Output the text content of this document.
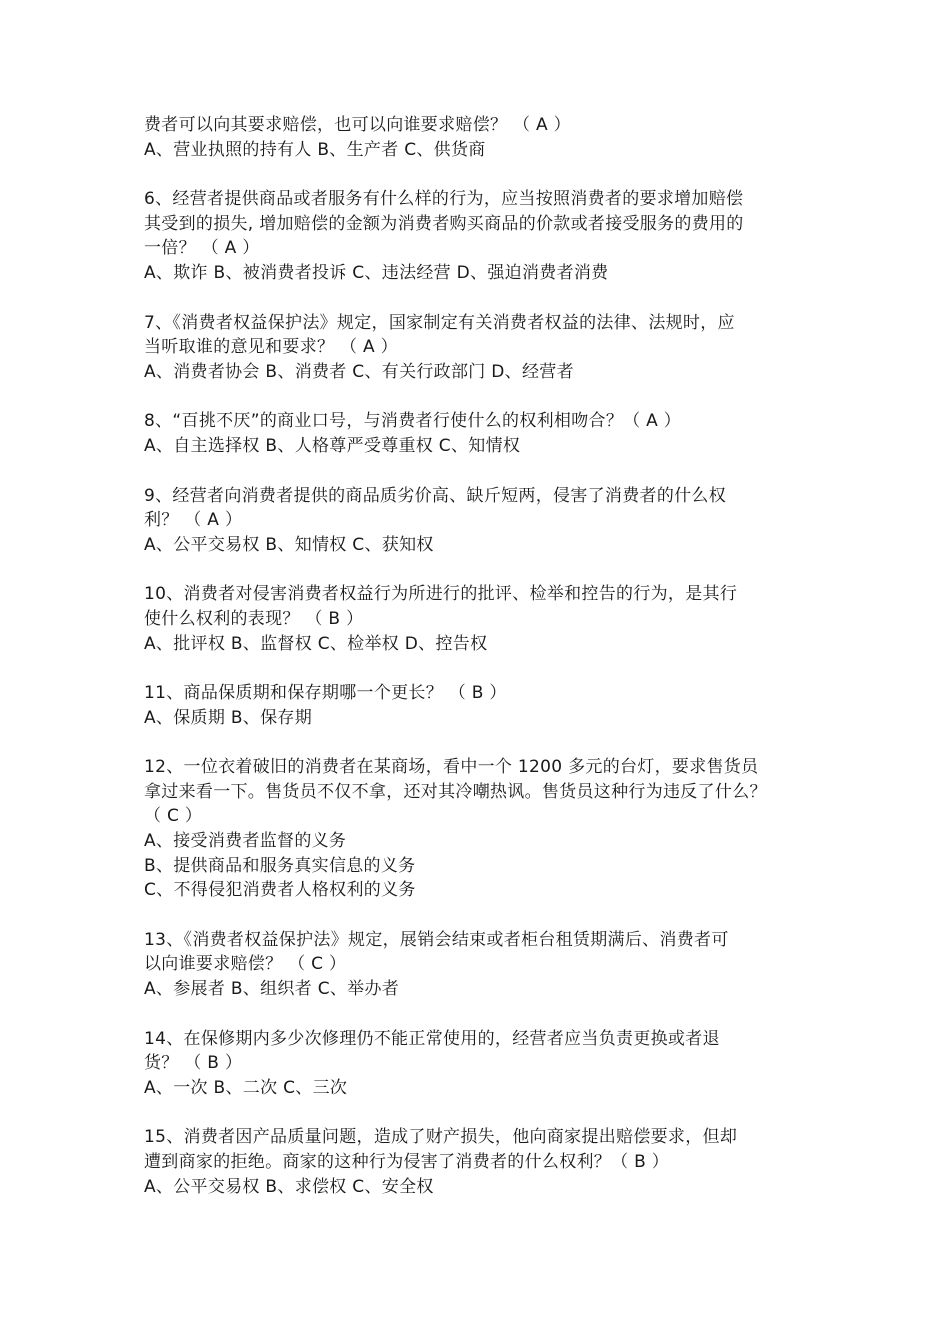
费者可以向其要求赔偿，也可以向谁要求赔偿？ （ A ）
A、营业执照的持有人 B、生产者 C、供货商
6、经营者提供商品或者服务有什么样的行为，应当按照消费者的要求增加赔偿
其受到的损失, 增加赔偿的金额为消费者购买商品的价款或者接受服务的费用的
一倍？ （ A ）
A、欺诈 B、被消费者投诉 C、违法经营 D、强迫消费者消费
7、《消费者权益保护法》规定，国家制定有关消费者权益的法律、法规时，应
当听取谁的意见和要求？ （ A ）
A、消费者协会 B、消费者 C、有关行政部门 D、经营者
8、“百挑不厌”的商业口号，与消费者行使什么的权利相吻合？（ A ）
A、自主选择权 B、人格尊严受尊重权 C、知情权
9、经营者向消费者提供的商品质劣价高、缺斤短两，侵害了消费者的什么权
利？ （ A ）
A、公平交易权 B、知情权 C、获知权
10、消费者对侵害消费者权益行为所进行的批评、检举和控告的行为，是其行
使什么权利的表现？ （ B ）
A、批评权 B、监督权 C、检举权 D、控告权
11、商品保质期和保存期哪一个更长？ （ B ）
A、保质期 B、保存期
12、一位衣着破旧的消费者在某商场，看中一个 1200 多元的台灯，要求售货员
拿过来看一下。售货员不仅不拿，还对其冷嘲热讽。售货员这种行为违反了什么？
（ C ）
A、接受消费者监督的义务
B、提供商品和服务真实信息的义务
C、不得侵犯消费者人格权利的义务
13、《消费者权益保护法》规定，展销会结束或者柜台租赁期满后、消费者可
以向谁要求赔偿？ （ C ）
A、参展者 B、组织者 C、举办者
14、在保修期内多少次修理仍不能正常使用的，经营者应当负责更换或者退
货？ （ B ）
A、一次 B、二次 C、三次
15、消费者因产品质量问题，造成了财产损失，他向商家提出赔偿要求，但却
遭到商家的拒绝。商家的这种行为侵害了消费者的什么权利？（ B ）
A、公平交易权 B、求偿权 C、安全权
